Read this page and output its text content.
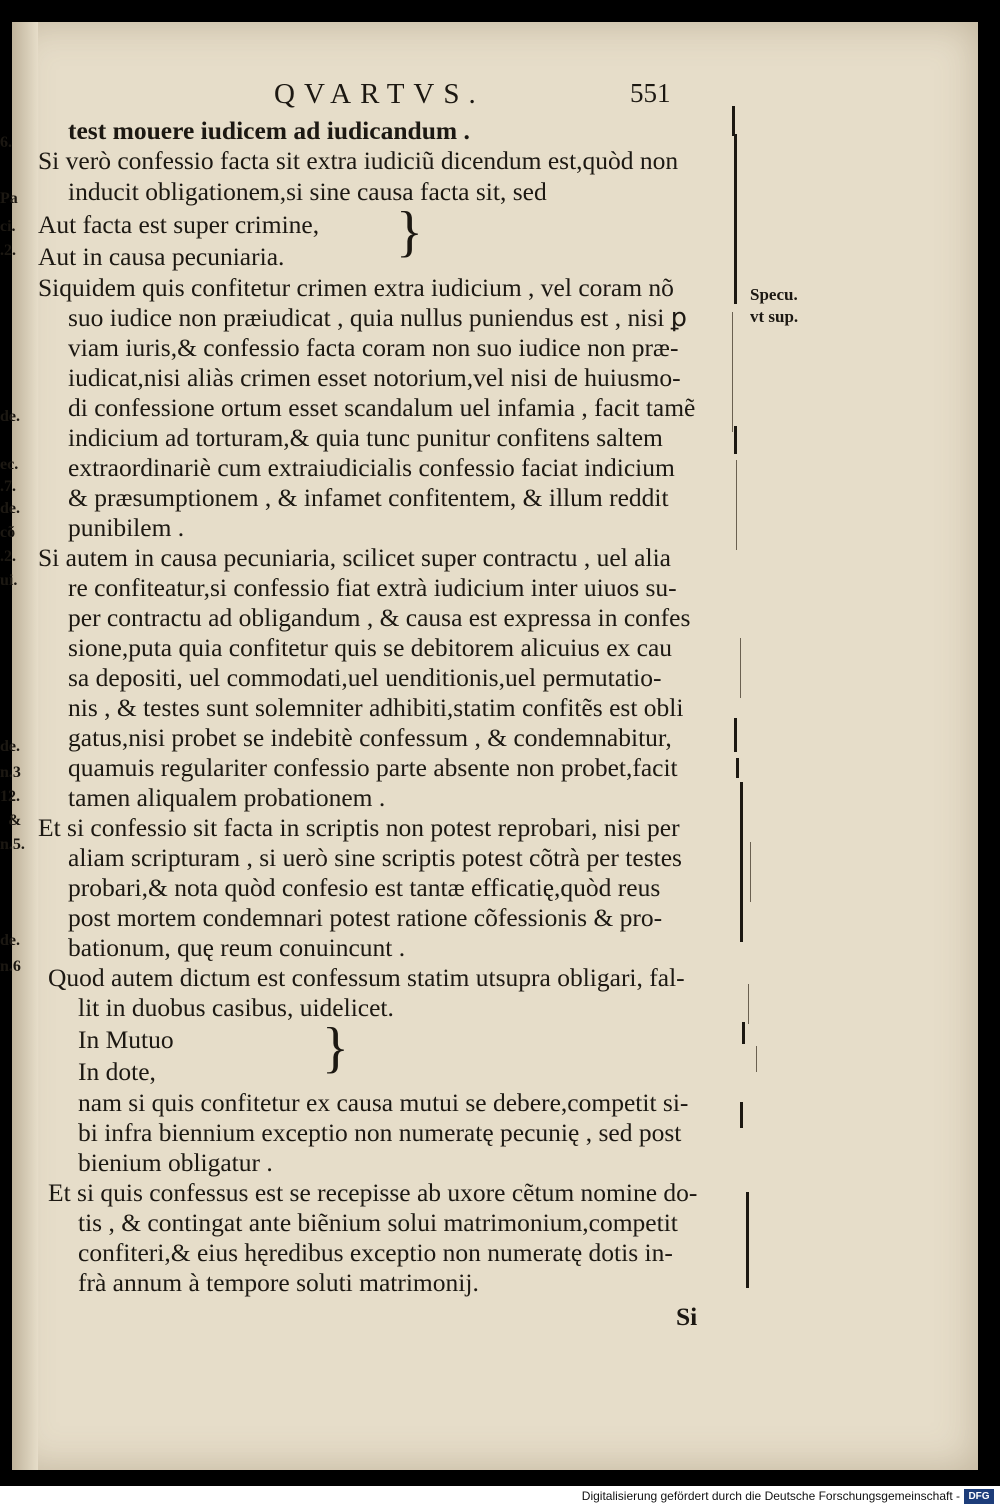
QVARTVS.	551
test mouere iudicem ad iudicandum .
Si verò confessio facta sit extra iudiciũ dicendum est,quòd non
inducit obligationem,si sine causa facta sit, sed
Aut facta est super crimine,
Aut in causa pecuniaria.
Siquidem quis confitetur crimen extra iudicium , vel coram nõ
suo iudice non præiudicat , quia nullus puniendus est , nisi ꝑ
viam iuris,& confessio facta coram non suo iudice non præ-
iudicat,nisi aliàs crimen esset notorium,vel nisi de huiusmo-
di confessione ortum esset scandalum uel infamia , facit tamẽ
indicium ad torturam,& quia tunc punitur confitens saltem
extraordinariè cum extraiudicialis confessio faciat indicium
& præsumptionem , & infamet confitentem, & illum reddit
punibilem .
Si autem in causa pecuniaria, scilicet super contractu , uel alia
re confiteatur,si confessio fiat extrà iudicium inter uiuos su-
per contractu ad obligandum , & causa est expressa in confes
sione,puta quia confitetur quis se debitorem alicuius ex cau
sa depositi, uel commodati,uel uenditionis,uel permutatio-
nis , & testes sunt solemniter adhibiti,statim confitẽs est obli
gatus,nisi probet se indebitè confessum , & condemnabitur,
quamuis regulariter confessio parte absente non probet,facit
tamen aliqualem probationem .
Et si confessio sit facta in scriptis non potest reprobari, nisi per
aliam scripturam , si uerò sine scriptis potest cõtrà per testes
probari,& nota quòd confesio est tantæ efficatię,quòd reus
post mortem condemnari potest ratione cõfessionis & pro-
bationum, quę reum conuincunt .
Quod autem dictum est confessum statim utsupra obligari, fal-
lit in duobus casibus, uidelicet.
In Mutuo
In dote,
nam si quis confitetur ex causa mutui se debere,competit si-
bi infra biennium exceptio non numeratę pecunię , sed post
bienium obligatur .
Et si quis confessus est se recepisse ab uxore cẽtum nomine do-
tis , & contingat ante biẽnium solui matrimonium,competit
confiteri,& eius hęredibus exceptio non numeratę dotis in-
frà annum à tempore soluti matrimonij.
Si
}
}
6.
Pa
ci.
.2.
de.
ec.
.7.
de.
cõ
.2.
ui.
de.
n.3
12.
&
n.5.
de.
n.6
Specu.
vt sup.
Digitalisierung gefördert durch die Deutsche Forschungsgemeinschaft - DFG
